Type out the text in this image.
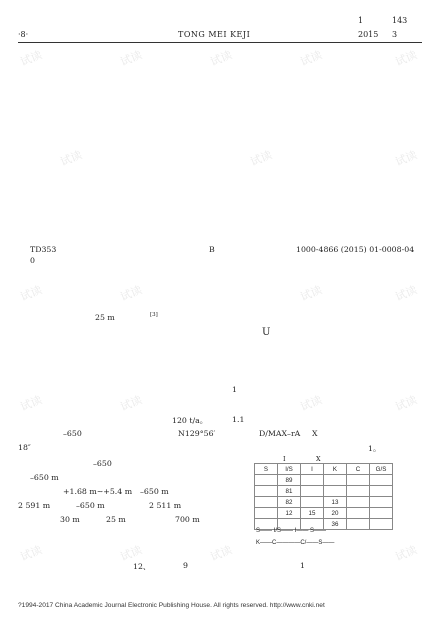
·8·	TONG MEI KEJI
1	143
2015 3
TD353	B	1000-4866 (2015) 01-0008-04
0
25 m	[3]
U
1
120 t/a。	1.1
–650	N129°56′	D/MAX–rA X
18″	1。
–650
–650 m
+1.68 m∼+5.4 m –650 m
2 591 m	–650 m	2 511 m
30 m	25 m	700 m
12、	9	1
I	X
S	I/S	I	K	C	G/S
	89				
	81				
	82		13		
	12	15	20		
			36		
S—— I/S—— I—— S——
K——C————C/——S——
?1994-2017 China Academic Journal Electronic Publishing House. All rights reserved. http://www.cnki.net
试读	试读	试读	试读	试读
试读	试读	试读
试读	试读	试读	试读
试读	试读	试读	试读
试读	试读	试读	试读
